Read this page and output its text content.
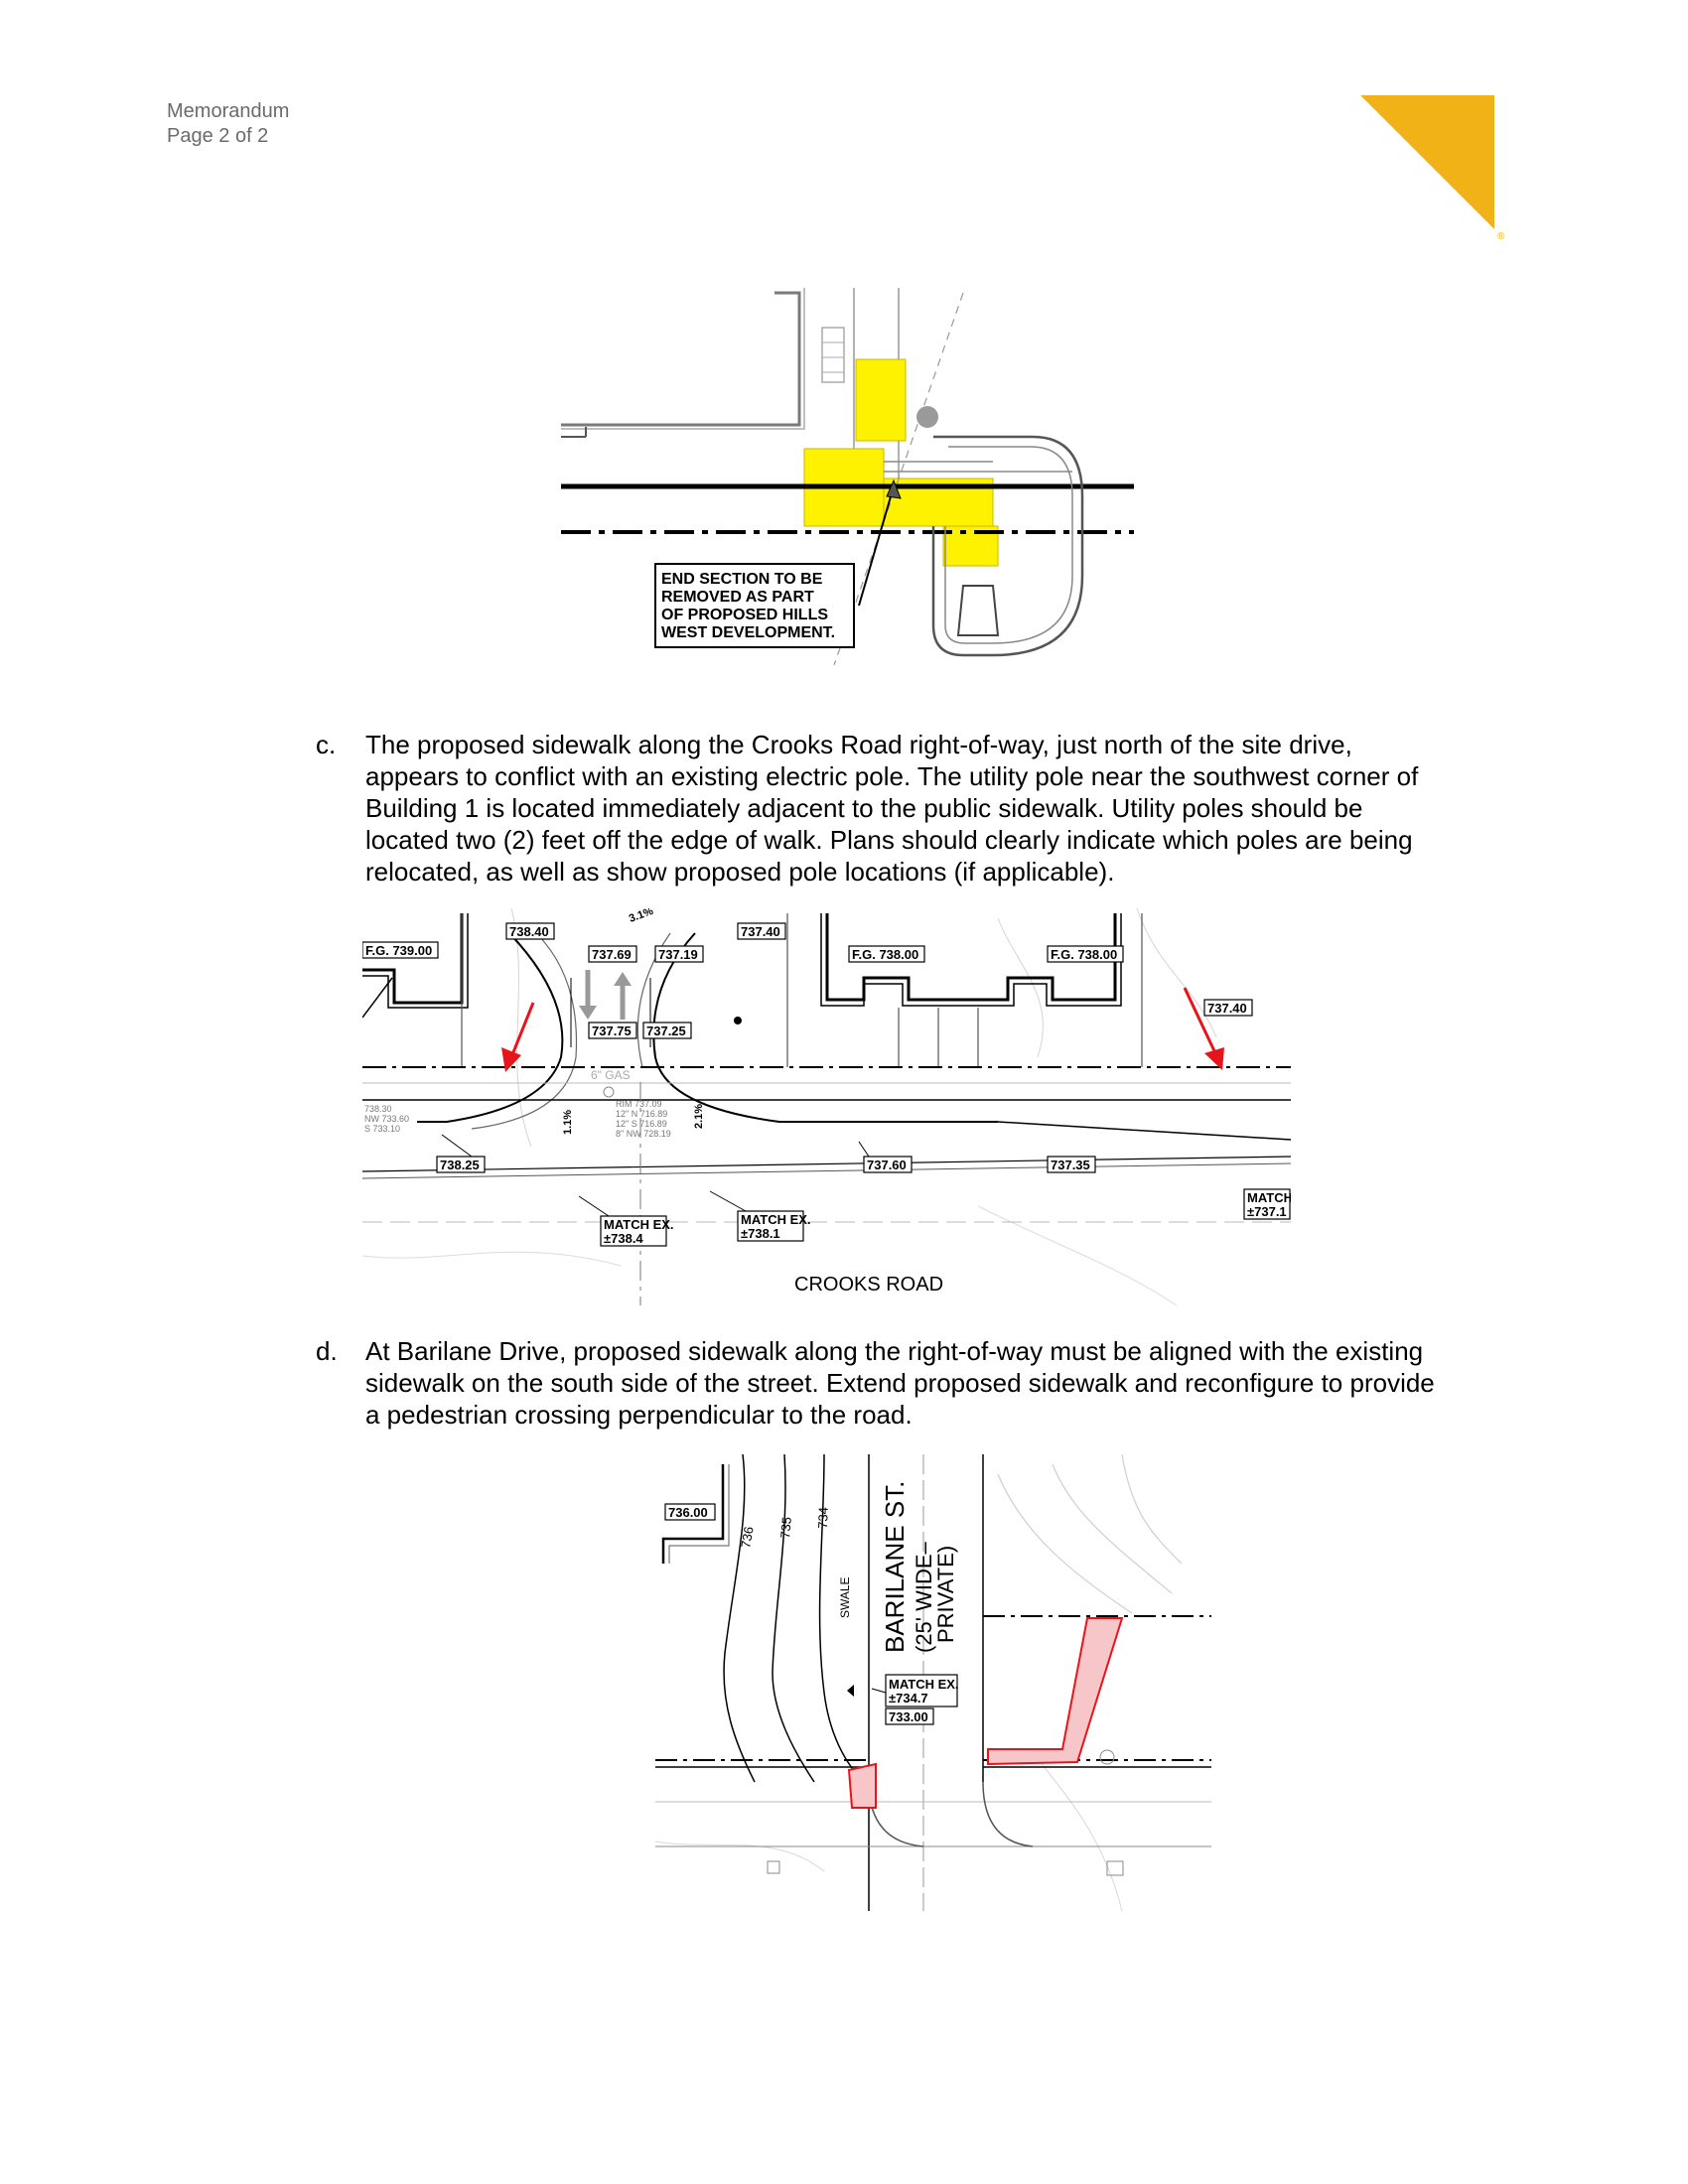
Memorandum
Page 2 of 2
®
END SECTION TO BE
REMOVED AS PART
OF PROPOSED HILLS
WEST DEVELOPMENT.
c. The proposed sidewalk along the Crooks Road right-of-way, just north of the site drive,
appears to conflict with an existing electric pole. The utility pole near the southwest corner of
Building 1 is located immediately adjacent to the public sidewalk. Utility poles should be
located two (2) feet off the edge of walk. Plans should clearly indicate which poles are being
relocated, as well as show proposed pole locations (if applicable).
6" GAS
F.G. 739.00
738.40
737.69 737.19
737.40
F.G. 738.00	F.G. 738.00
737.40
737.75 737.25
738.25	737.60	737.35
MATCH EX.
±738.4
MATCH EX.
±738.1
MATCH
±737.1
738.30
NW 733.60
S 733.10
RIM 737.09
12" N 716.89
12" S 716.89
8" NW 728.19
1.1%	2.1%
3.1%
CROOKS ROAD
d. At Barilane Drive, proposed sidewalk along the right-of-way must be aligned with the existing
sidewalk on the south side of the street. Extend proposed sidewalk and reconfigure to provide
a pedestrian crossing perpendicular to the road.
736 735 734
SWALE BARILANE ST. (25' WIDE–
PRIVATE)
736.00
MATCH EX.
±734.7
733.00
